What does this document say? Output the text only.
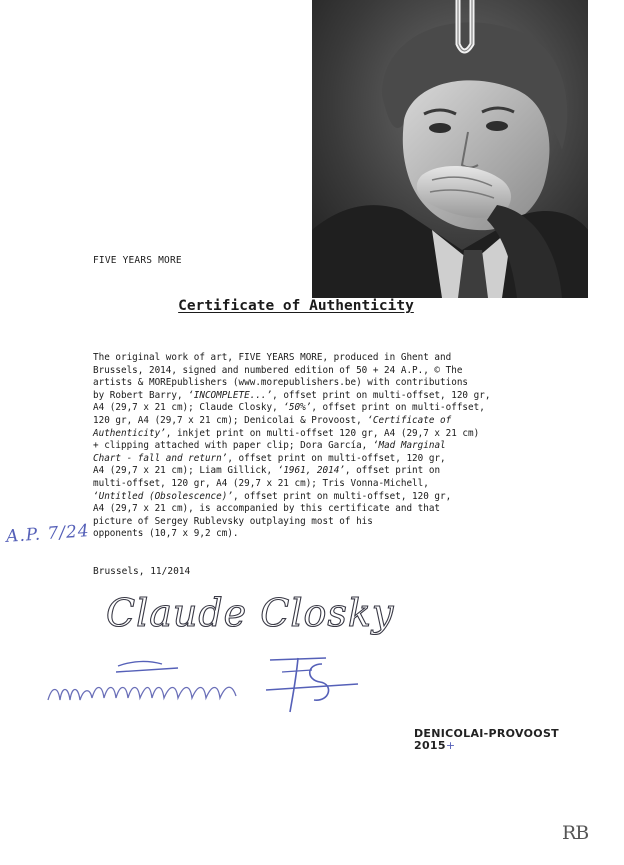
FIVE YEARS MORE
Certificate of Authenticity
The original work of art, FIVE YEARS MORE, produced in Ghent and
Brussels, 2014, signed and numbered edition of 50 + 24 A.P., © The
artists & MOREpublishers (www.morepublishers.be) with contributions
by Robert Barry, ‘INCOMPLETE...’, offset print on multi-offset, 120 gr,
A4 (29,7 x 21 cm); Claude Closky, ‘50%’, offset print on multi-offset,
120 gr, A4 (29,7 x 21 cm); Denicolai & Provoost, ‘Certificate of
Authenticity’, inkjet print on multi-offset 120 gr, A4 (29,7 x 21 cm)
+ clipping attached with paper clip; Dora García, ‘Mad Marginal
Chart - fall and return’, offset print on multi-offset, 120 gr,
A4 (29,7 x 21 cm); Liam Gillick, ‘1961, 2014’, offset print on
multi-offset, 120 gr, A4 (29,7 x 21 cm); Tris Vonna-Michell,
‘Untitled (Obsolescence)’, offset print on multi-offset, 120 gr,
A4 (29,7 x 21 cm), is accompanied by this certificate and that
picture of Sergey Rublevsky outplaying most of his
opponents (10,7 x 9,2 cm).
A.P. 7/24
Brussels, 11/2014
Claude Closky
DENICOLAI-PROVOOST
2015+
RB
